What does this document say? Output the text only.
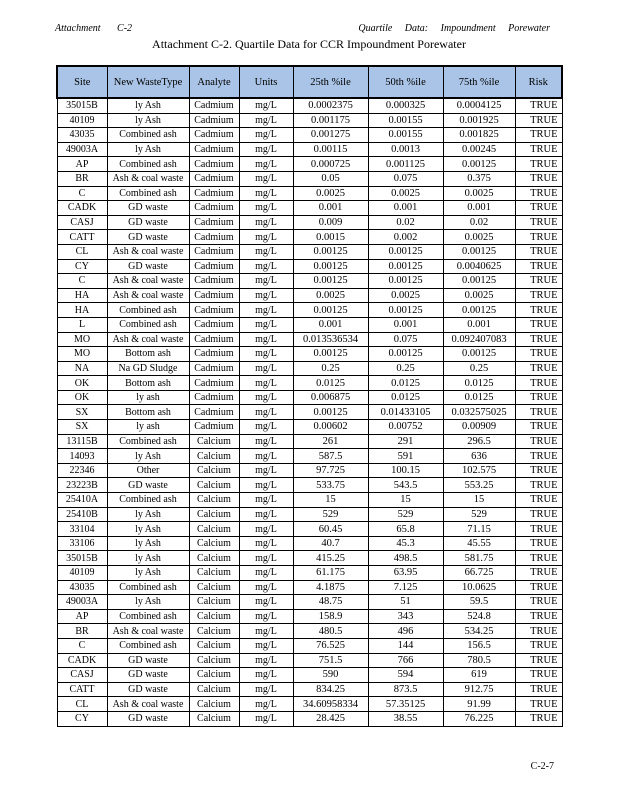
Attachment C-2	Quartile Data: Impoundment Porewater
Attachment C-2. Quartile Data for CCR Impoundment Porewater
Site	New WasteType	Analyte	Units	25th %ile	50th %ile	75th %ile	Risk
35015B	ly Ash	Cadmium	mg/L	0.0002375	0.000325	0.0004125	TRUE
40109	ly Ash	Cadmium	mg/L	0.001175	0.00155	0.001925	TRUE
43035	Combined ash	Cadmium	mg/L	0.001275	0.00155	0.001825	TRUE
49003A	ly Ash	Cadmium	mg/L	0.00115	0.0013	0.00245	TRUE
AP	Combined ash	Cadmium	mg/L	0.000725	0.001125	0.00125	TRUE
BR	Ash & coal waste	Cadmium	mg/L	0.05	0.075	0.375	TRUE
C	Combined ash	Cadmium	mg/L	0.0025	0.0025	0.0025	TRUE
CADK	GD waste	Cadmium	mg/L	0.001	0.001	0.001	TRUE
CASJ	GD waste	Cadmium	mg/L	0.009	0.02	0.02	TRUE
CATT	GD waste	Cadmium	mg/L	0.0015	0.002	0.0025	TRUE
CL	Ash & coal waste	Cadmium	mg/L	0.00125	0.00125	0.00125	TRUE
CY	GD waste	Cadmium	mg/L	0.00125	0.00125	0.0040625	TRUE
C	Ash & coal waste	Cadmium	mg/L	0.00125	0.00125	0.00125	TRUE
HA	Ash & coal waste	Cadmium	mg/L	0.0025	0.0025	0.0025	TRUE
HA	Combined ash	Cadmium	mg/L	0.00125	0.00125	0.00125	TRUE
L	Combined ash	Cadmium	mg/L	0.001	0.001	0.001	TRUE
MO	Ash & coal waste	Cadmium	mg/L	0.013536534	0.075	0.092407083	TRUE
MO	Bottom ash	Cadmium	mg/L	0.00125	0.00125	0.00125	TRUE
NA	Na GD Sludge	Cadmium	mg/L	0.25	0.25	0.25	TRUE
OK	Bottom ash	Cadmium	mg/L	0.0125	0.0125	0.0125	TRUE
OK	ly ash	Cadmium	mg/L	0.006875	0.0125	0.0125	TRUE
SX	Bottom ash	Cadmium	mg/L	0.00125	0.01433105	0.032575025	TRUE
SX	ly ash	Cadmium	mg/L	0.00602	0.00752	0.00909	TRUE
13115B	Combined ash	Calcium	mg/L	261	291	296.5	TRUE
14093	ly Ash	Calcium	mg/L	587.5	591	636	TRUE
22346	Other	Calcium	mg/L	97.725	100.15	102.575	TRUE
23223B	GD waste	Calcium	mg/L	533.75	543.5	553.25	TRUE
25410A	Combined ash	Calcium	mg/L	15	15	15	TRUE
25410B	ly Ash	Calcium	mg/L	529	529	529	TRUE
33104	ly Ash	Calcium	mg/L	60.45	65.8	71.15	TRUE
33106	ly Ash	Calcium	mg/L	40.7	45.3	45.55	TRUE
35015B	ly Ash	Calcium	mg/L	415.25	498.5	581.75	TRUE
40109	ly Ash	Calcium	mg/L	61.175	63.95	66.725	TRUE
43035	Combined ash	Calcium	mg/L	4.1875	7.125	10.0625	TRUE
49003A	ly Ash	Calcium	mg/L	48.75	51	59.5	TRUE
AP	Combined ash	Calcium	mg/L	158.9	343	524.8	TRUE
BR	Ash & coal waste	Calcium	mg/L	480.5	496	534.25	TRUE
C	Combined ash	Calcium	mg/L	76.525	144	156.5	TRUE
CADK	GD waste	Calcium	mg/L	751.5	766	780.5	TRUE
CASJ	GD waste	Calcium	mg/L	590	594	619	TRUE
CATT	GD waste	Calcium	mg/L	834.25	873.5	912.75	TRUE
CL	Ash & coal waste	Calcium	mg/L	34.60958334	57.35125	91.99	TRUE
CY	GD waste	Calcium	mg/L	28.425	38.55	76.225	TRUE
C-2-7
